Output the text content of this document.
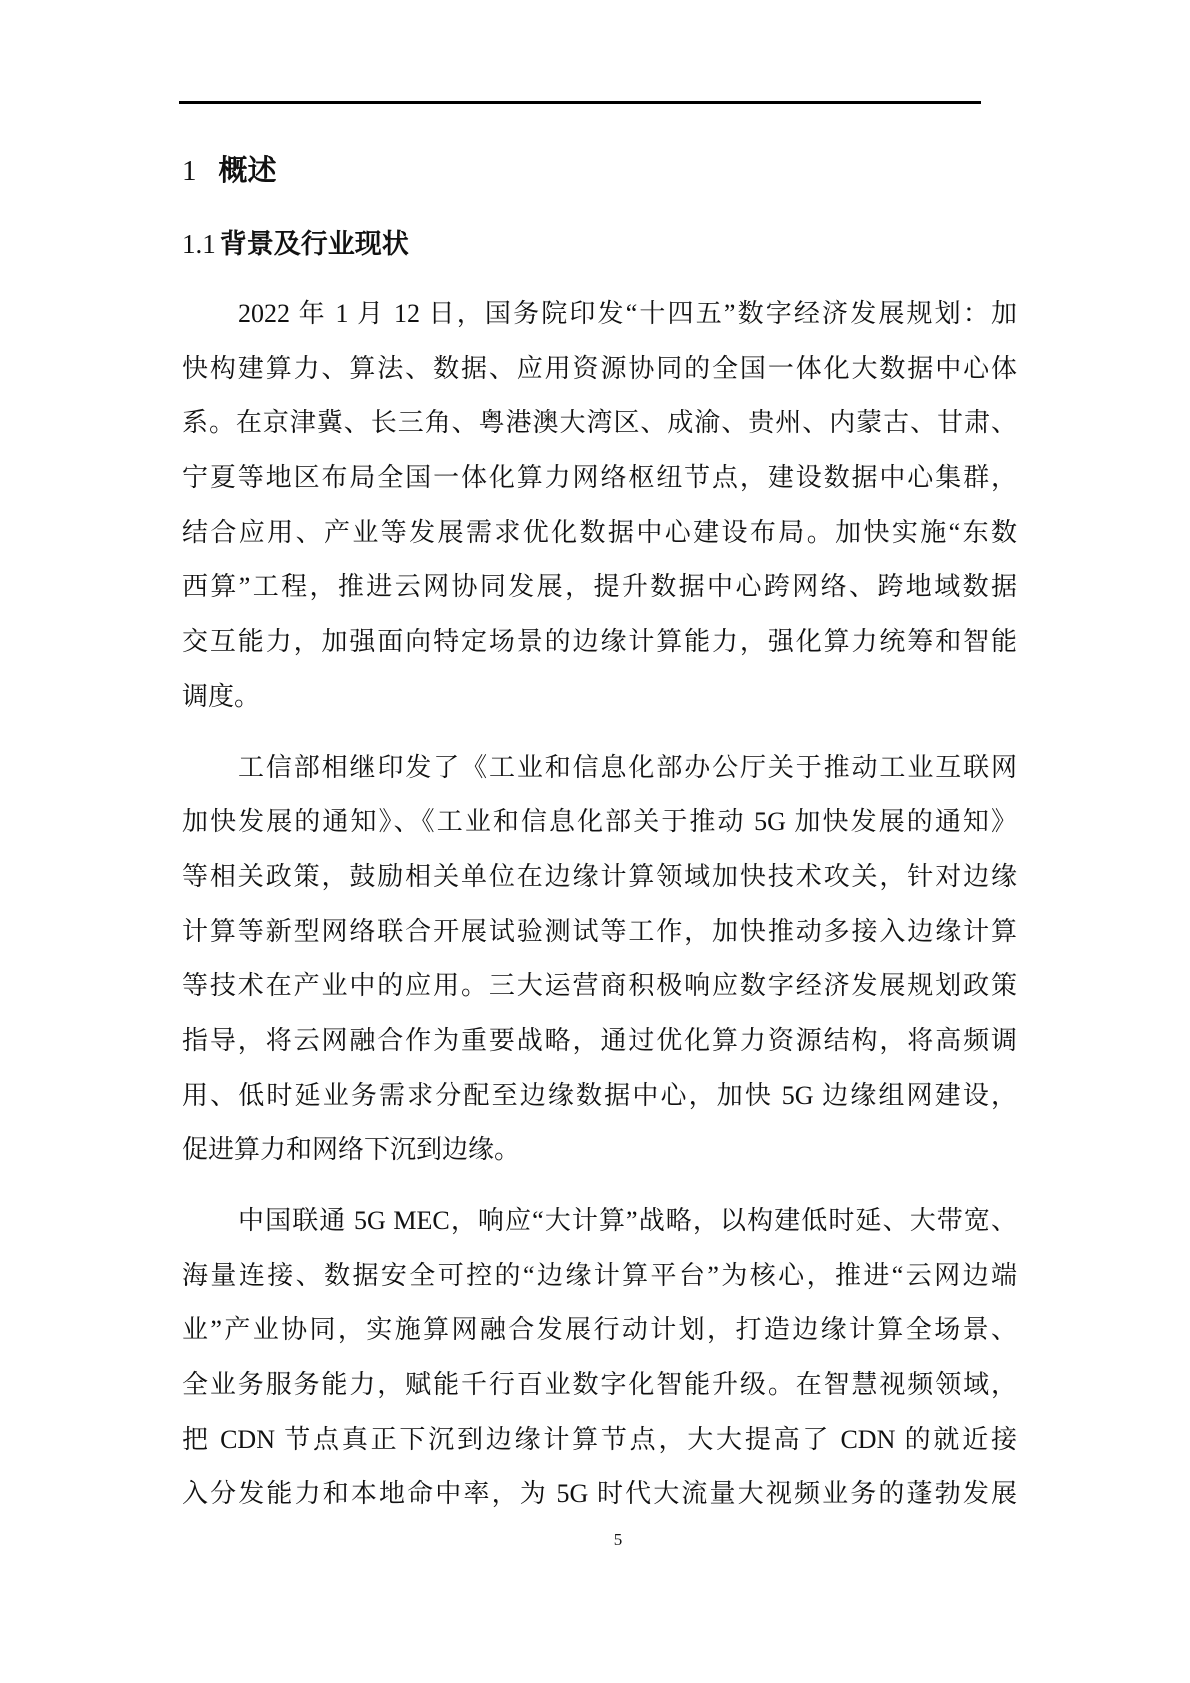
1 概述
1.1 背景及行业现状
2022 年 1 月 12 日，国务院印发“十四五”数字经济发展规划：加
快构建算力、算法、数据、应用资源协同的全国一体化大数据中心体
系。在京津冀、长三角、粤港澳大湾区、成渝、贵州、内蒙古、甘肃、
宁夏等地区布局全国一体化算力网络枢纽节点，建设数据中心集群，
结合应用、产业等发展需求优化数据中心建设布局。加快实施“东数
西算”工程，推进云网协同发展，提升数据中心跨网络、跨地域数据
交互能力，加强面向特定场景的边缘计算能力，强化算力统筹和智能
调度。
工信部相继印发了《工业和信息化部办公厅关于推动工业互联网
加快发展的通知》、《工业和信息化部关于推动 5G 加快发展的通知》
等相关政策，鼓励相关单位在边缘计算领域加快技术攻关，针对边缘
计算等新型网络联合开展试验测试等工作，加快推动多接入边缘计算
等技术在产业中的应用。三大运营商积极响应数字经济发展规划政策
指导，将云网融合作为重要战略，通过优化算力资源结构，将高频调
用、低时延业务需求分配至边缘数据中心，加快 5G 边缘组网建设，
促进算力和网络下沉到边缘。
中国联通 5G MEC，响应“大计算”战略，以构建低时延、大带宽、
海量连接、数据安全可控的“边缘计算平台”为核心，推进“云网边端
业”产业协同，实施算网融合发展行动计划，打造边缘计算全场景、
全业务服务能力，赋能千行百业数字化智能升级。在智慧视频领域，
把 CDN 节点真正下沉到边缘计算节点，大大提高了 CDN 的就近接
入分发能力和本地命中率，为 5G 时代大流量大视频业务的蓬勃发展
5
